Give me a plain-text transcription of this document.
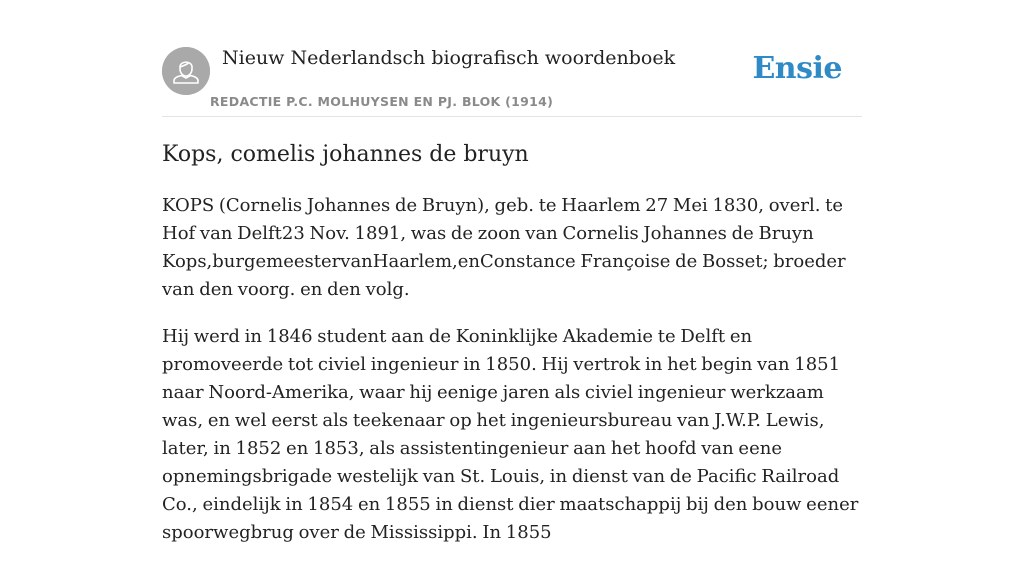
Nieuw Nederlandsch biografisch woordenboek
REDACTIE P.C. MOLHUYSEN EN PJ. BLOK (1914)
Ensie
Kops, comelis johannes de bruyn

KOPS (Cornelis Johannes de Bruyn), geb. te Haarlem 27 Mei 1830, overl. te Hof van Delft23 Nov. 1891, was de zoon van Cornelis Johannes de Bruyn Kops,burgemeestervanHaarlem,enConstance Françoise de Bosset; broeder van den voorg. en den volg.

Hij werd in 1846 student aan de Koninklijke Akademie te Delft en promoveerde tot civiel ingenieur in 1850. Hij vertrok in het begin van 1851 naar Noord-Amerika, waar hij eenige jaren als civiel ingenieur werkzaam was, en wel eerst als teekenaar op het ingenieursbureau van J.W.P. Lewis, later, in 1852 en 1853, als assistentingenieur aan het hoofd van eene opnemingsbrigade westelijk van St. Louis, in dienst van de Pacific Railroad Co., eindelijk in 1854 en 1855 in dienst dier maatschappij bij den bouw eener spoorwegbrug over de Mississippi. In 1855
